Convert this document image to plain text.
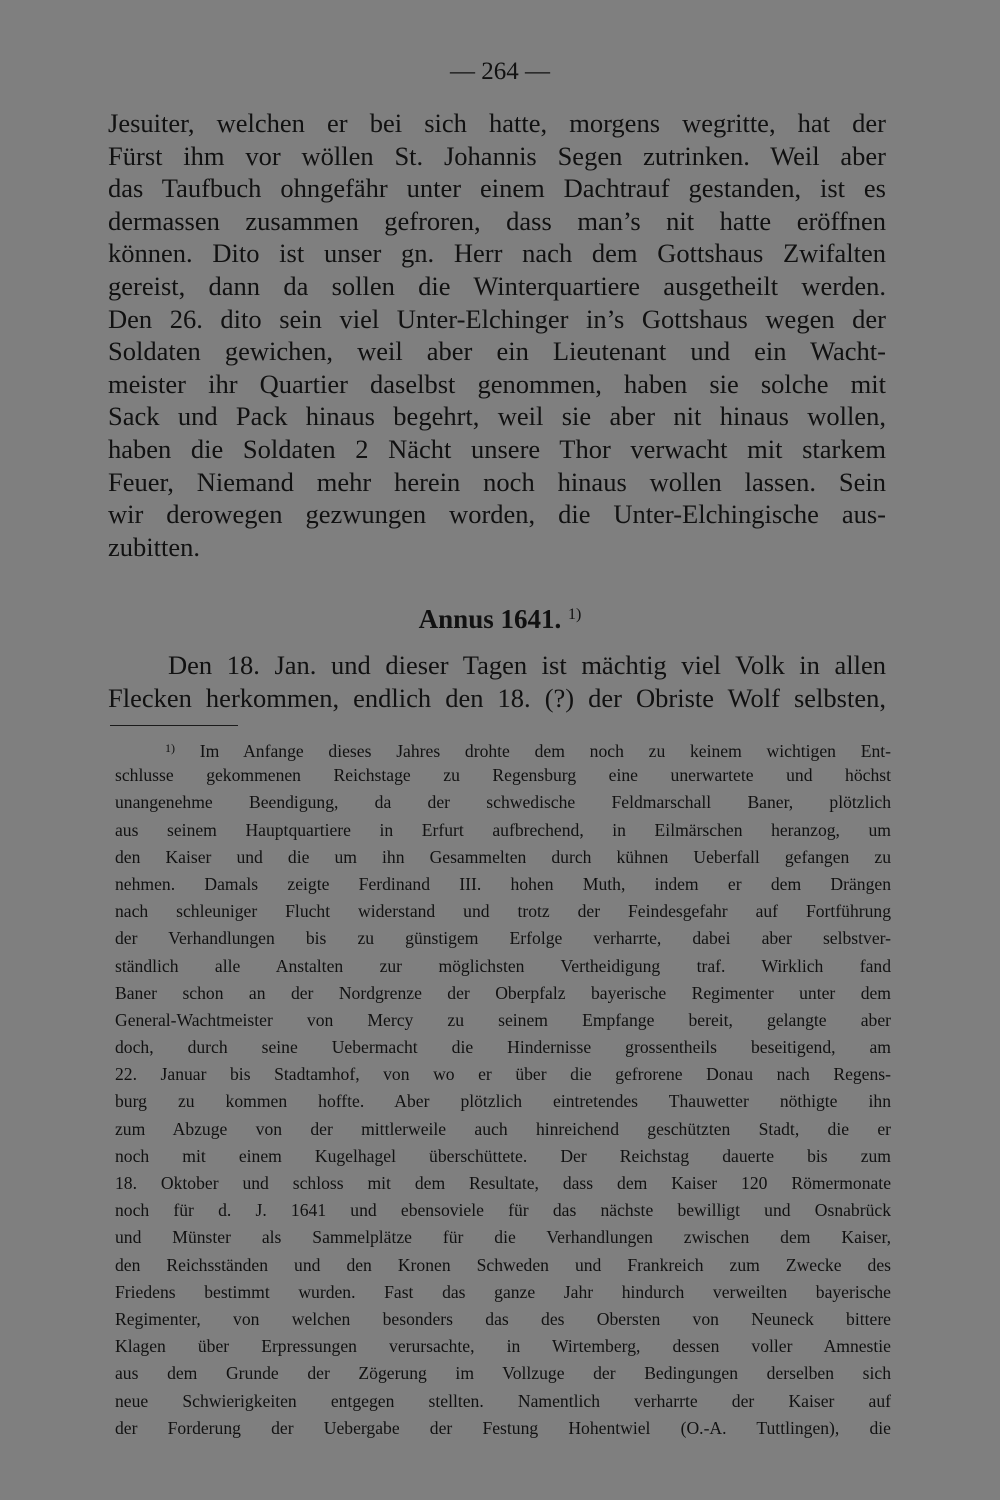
— 264 —
Jesuiter, welchen er bei sich hatte, morgens wegritte, hat der
Fürst ihm vor wöllen St. Johannis Segen zutrinken. Weil aber
das Taufbuch ohngefähr unter einem Dachtrauf gestanden, ist es
dermassen zusammen gefroren, dass man’s nit hatte eröffnen
können. Dito ist unser gn. Herr nach dem Gottshaus Zwifalten
gereist, dann da sollen die Winterquartiere ausgetheilt werden.
Den 26. dito sein viel Unter-Elchinger in’s Gottshaus wegen der
Soldaten gewichen, weil aber ein Lieutenant und ein Wacht-
meister ihr Quartier daselbst genommen, haben sie solche mit
Sack und Pack hinaus begehrt, weil sie aber nit hinaus wollen,
haben die Soldaten 2 Nächt unsere Thor verwacht mit starkem
Feuer, Niemand mehr herein noch hinaus wollen lassen. Sein
wir derowegen gezwungen worden, die Unter-Elchingische aus-
zubitten.
Annus 1641. $^{1)}$
Den 18. Jan. und dieser Tagen ist mächtig viel Volk in allen
Flecken herkommen, endlich den 18. (?) der Obriste Wolf selbsten,
$^{1)}$ Im Anfange dieses Jahres drohte dem noch zu keinem wichtigen Ent-
schlusse gekommenen Reichstage zu Regensburg eine unerwartete und höchst
unangenehme Beendigung, da der schwedische Feldmarschall Baner, plötzlich
aus seinem Hauptquartiere in Erfurt aufbrechend, in Eilmärschen heranzog, um
den Kaiser und die um ihn Gesammelten durch kühnen Ueberfall gefangen zu
nehmen. Damals zeigte Ferdinand III. hohen Muth, indem er dem Drängen
nach schleuniger Flucht widerstand und trotz der Feindesgefahr auf Fortführung
der Verhandlungen bis zu günstigem Erfolge verharrte, dabei aber selbstver-
ständlich alle Anstalten zur möglichsten Vertheidigung traf. Wirklich fand
Baner schon an der Nordgrenze der Oberpfalz bayerische Regimenter unter dem
General-Wachtmeister von Mercy zu seinem Empfange bereit, gelangte aber
doch, durch seine Uebermacht die Hindernisse grossentheils beseitigend, am
22. Januar bis Stadtamhof, von wo er über die gefrorene Donau nach Regens-
burg zu kommen hoffte. Aber plötzlich eintretendes Thauwetter nöthigte ihn
zum Abzuge von der mittlerweile auch hinreichend geschützten Stadt, die er
noch mit einem Kugelhagel überschüttete. Der Reichstag dauerte bis zum
18. Oktober und schloss mit dem Resultate, dass dem Kaiser 120 Römermonate
noch für d. J. 1641 und ebensoviele für das nächste bewilligt und Osnabrück
und Münster als Sammelplätze für die Verhandlungen zwischen dem Kaiser,
den Reichsständen und den Kronen Schweden und Frankreich zum Zwecke des
Friedens bestimmt wurden. Fast das ganze Jahr hindurch verweilten bayerische
Regimenter, von welchen besonders das des Obersten von Neuneck bittere
Klagen über Erpressungen verursachte, in Wirtemberg, dessen voller Amnestie
aus dem Grunde der Zögerung im Vollzuge der Bedingungen derselben sich
neue Schwierigkeiten entgegen stellten. Namentlich verharrte der Kaiser auf
der Forderung der Uebergabe der Festung Hohentwiel (O.-A. Tuttlingen), die
